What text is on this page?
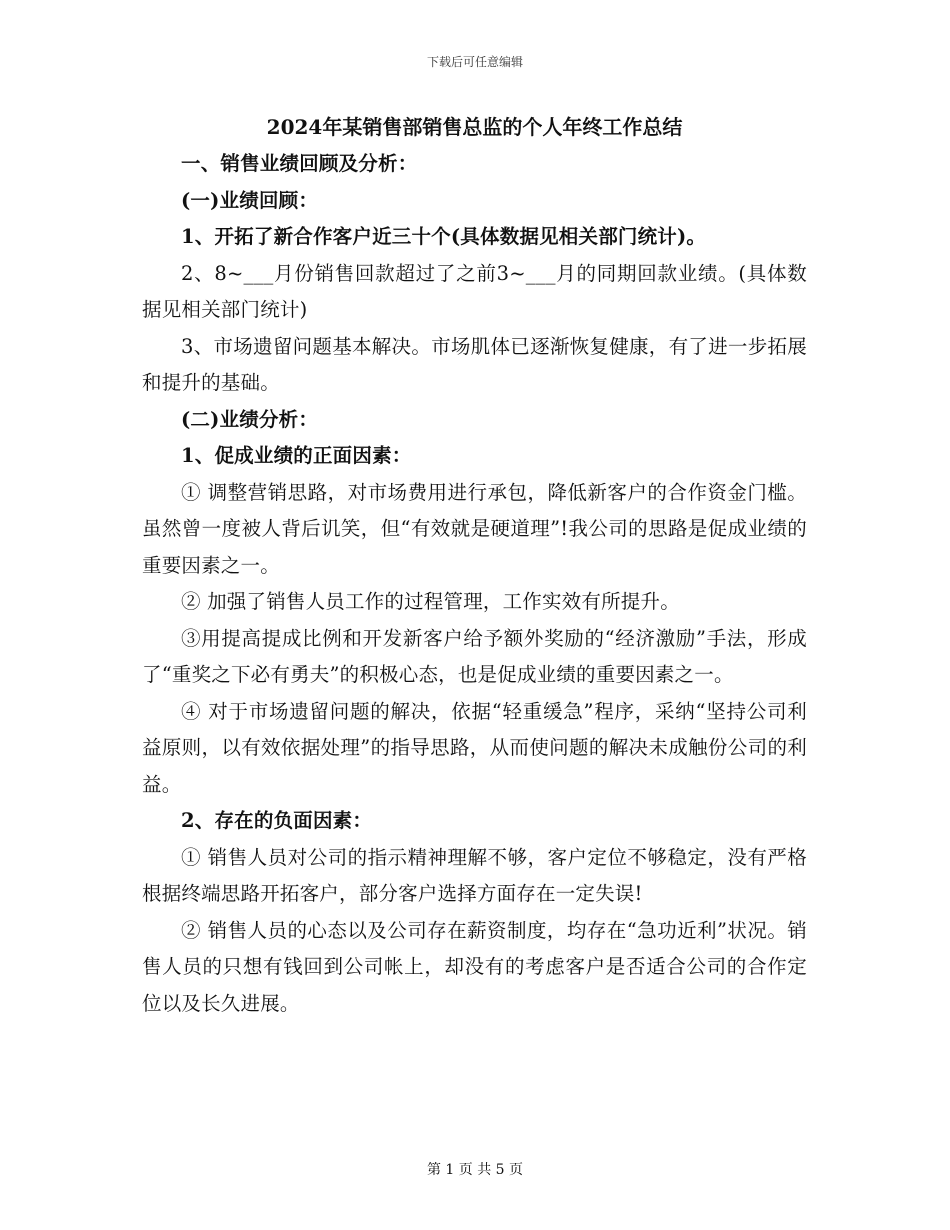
下载后可任意编辑
2024年某销售部销售总监的个人年终工作总结

一、销售业绩回顾及分析：

(一)业绩回顾：

1、开拓了新合作客户近三十个(具体数据见相关部门统计)。

2、8~___月份销售回款超过了之前3~___月的同期回款业绩。(具体数据见相关部门统计)

3、市场遗留问题基本解决。市场肌体已逐渐恢复健康，有了进一步拓展和提升的基础。

(二)业绩分析：

1、促成业绩的正面因素：

① 调整营销思路，对市场费用进行承包，降低新客户的合作资金门槛。虽然曾一度被人背后讥笑，但“有效就是硬道理”!我公司的思路是促成业绩的重要因素之一。

② 加强了销售人员工作的过程管理，工作实效有所提升。

③用提高提成比例和开发新客户给予额外奖励的“经济激励”手法，形成了“重奖之下必有勇夫”的积极心态，也是促成业绩的重要因素之一。

④ 对于市场遗留问题的解决，依据“轻重缓急”程序，采纳“坚持公司利益原则，以有效依据处理”的指导思路，从而使问题的解决未成触份公司的利益。

2、存在的负面因素：

① 销售人员对公司的指示精神理解不够，客户定位不够稳定，没有严格根据终端思路开拓客户，部分客户选择方面存在一定失误!

② 销售人员的心态以及公司存在薪资制度，均存在“急功近利”状况。销售人员的只想有钱回到公司帐上，却没有的考虑客户是否适合公司的合作定位以及长久进展。

第 1 页 共 5 页
